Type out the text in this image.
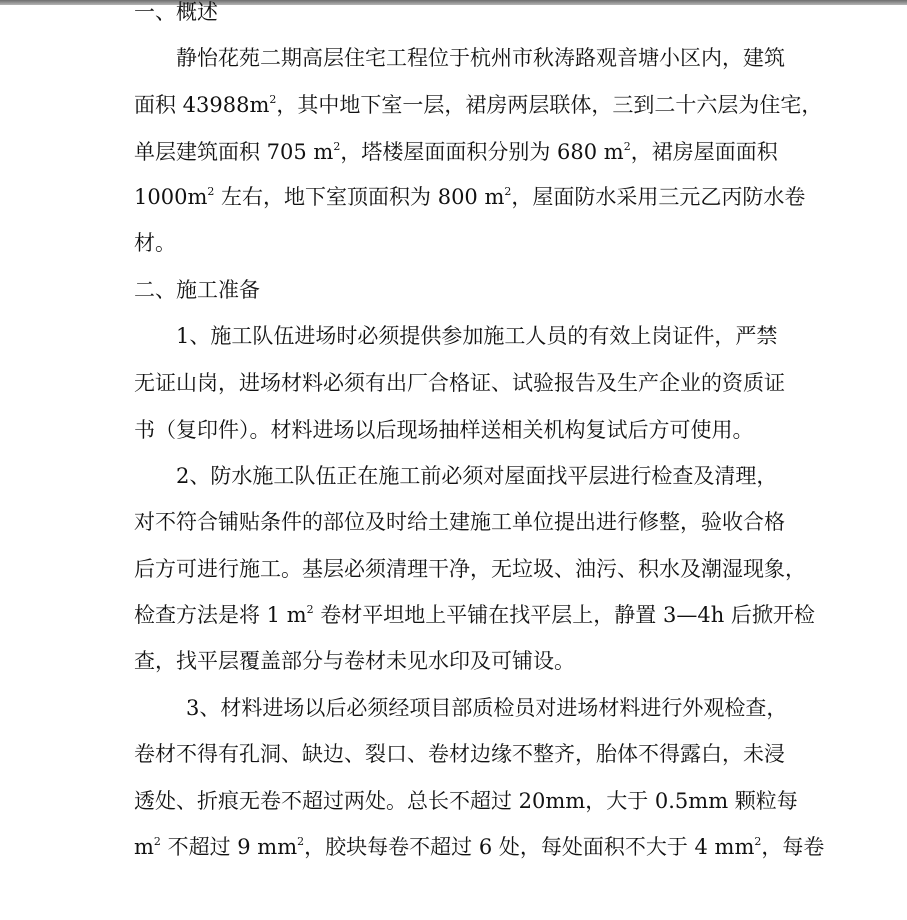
一、概述
静怡花苑二期高层住宅工程位于杭州市秋涛路观音塘小区内，建筑
面积 $43988m^2$，其中地下室一层，裙房两层联体，三到二十六层为住宅，
单层建筑面积 705 $m^2$，塔楼屋面面积分别为 680 $m^2$，裙房屋面面积
$1000m^2$ 左右，地下室顶面积为 800 $m^2$，屋面防水采用三元乙丙防水卷
材。
二、施工准备
1、施工队伍进场时必须提供参加施工人员的有效上岗证件，严禁
无证山岗，进场材料必须有出厂合格证、试验报告及生产企业的资质证
书（复印件）。材料进场以后现场抽样送相关机构复试后方可使用。
2、防水施工队伍正在施工前必须对屋面找平层进行检查及清理，
对不符合铺贴条件的部位及时给土建施工单位提出进行修整，验收合格
后方可进行施工。基层必须清理干净，无垃圾、油污、积水及潮湿现象，
检查方法是将 1 $m^2$ 卷材平坦地上平铺在找平层上，静置 3—4h 后掀开检
查，找平层覆盖部分与卷材未见水印及可铺设。
3、材料进场以后必须经项目部质检员对进场材料进行外观检查，
卷材不得有孔洞、缺边、裂口、卷材边缘不整齐，胎体不得露白，未浸
透处、折痕无卷不超过两处。总长不超过 20mm，大于 0.5mm 颗粒每
$m^2$ 不超过 9 $mm^2$，胶块每卷不超过 6 处，每处面积不大于 4 $mm^2$，每卷
